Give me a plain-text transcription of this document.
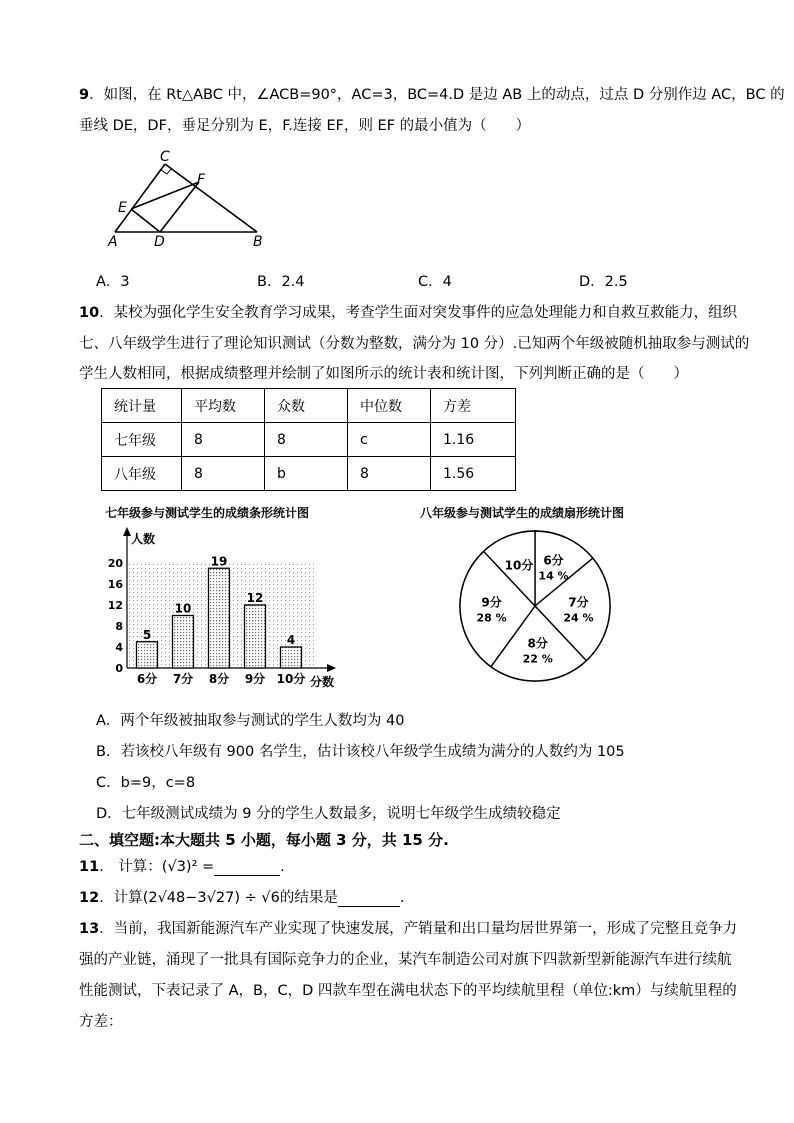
9．如图，在 Rt△ABC 中，∠ACB=90°，AC=3，BC=4.D 是边 AB 上的动点，过点 D 分别作边 AC，BC 的
垂线 DE，DF，垂足分别为 E，F.连接 EF，则 EF 的最小值为（　　）
C
F
E
A	D	B
A．3	B．2.4	C．4	D．2.5
10．某校为强化学生安全教育学习成果，考查学生面对突发事件的应急处理能力和自救互救能力，组织
七、八年级学生进行了理论知识测试（分数为整数，满分为 10 分）.已知两个年级被随机抽取参与测试的
学生人数相同，根据成绩整理并绘制了如图所示的统计表和统计图，下列判断正确的是（　　）
统计量	平均数	众数	中位数	方差
七年级	8	8	c	1.16
八年级	8	b	8	1.56
七年级参与测试学生的成绩条形统计图
人数
分数
0
4
8
12
16
20
5
6分
10
7分
19
8分
12
9分
4
10分
八年级参与测试学生的成绩扇形统计图
6分
14 %
7分
24 %
8分
22 %
9分
28 %
10分
A．两个年级被抽取参与测试的学生人数均为 40
B．若该校八年级有 900 名学生，估计该校八年级学生成绩为满分的人数约为 105
C．b=9，c=8
D．七年级测试成绩为 9 分的学生人数最多，说明七年级学生成绩较稳定
二、填空题:本大题共 5 小题，每小题 3 分，共 15 分.
11． 计算：(√3)² =	.
12．计算(2√48−3√27) ÷ √6的结果是	.
13．当前，我国新能源汽车产业实现了快速发展，产销量和出口量均居世界第一，形成了完整且竞争力
强的产业链，涌现了一批具有国际竞争力的企业，某汽车制造公司对旗下四款新型新能源汽车进行续航
性能测试，下表记录了 A，B，C，D 四款车型在满电状态下的平均续航里程（单位:km）与续航里程的
方差：
